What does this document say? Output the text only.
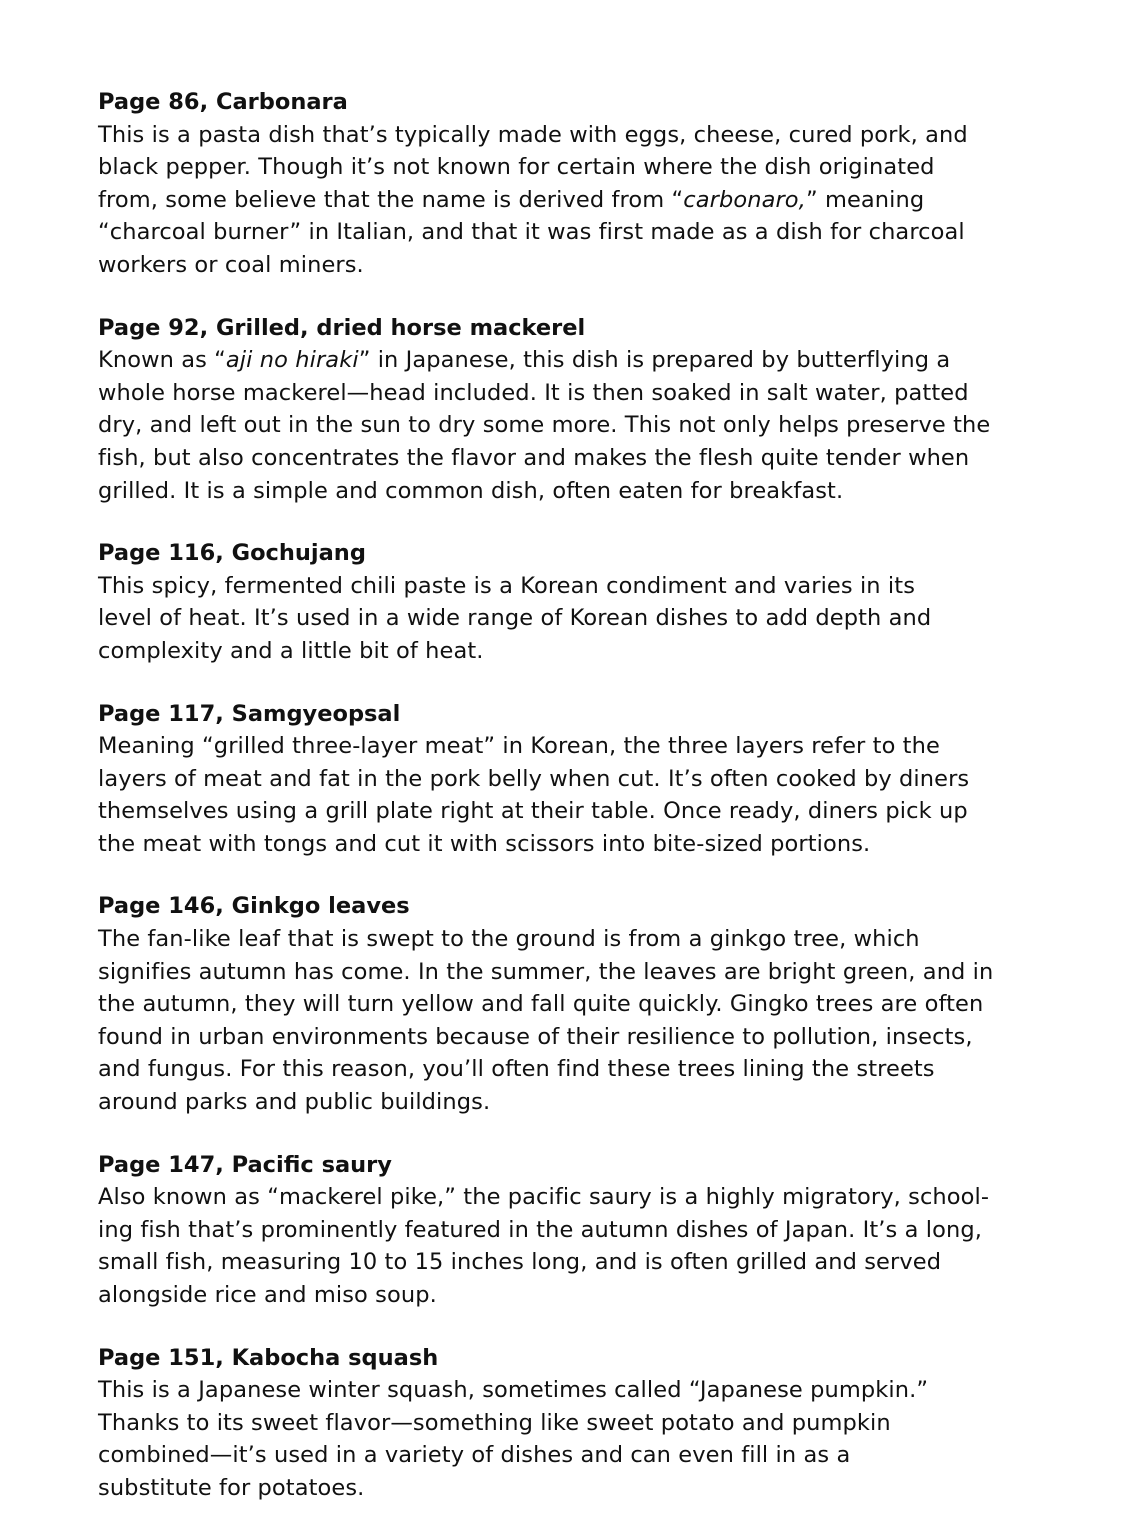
Page 86, Carbonara
This is a pasta dish that’s typically made with eggs, cheese, cured pork, and
black pepper. Though it’s not known for certain where the dish originated
from, some believe that the name is derived from “carbonaro,” meaning
“charcoal burner” in Italian, and that it was first made as a dish for charcoal
workers or coal miners.
Page 92, Grilled, dried horse mackerel
Known as “aji no hiraki” in Japanese, this dish is prepared by butterflying a
whole horse mackerel—head included. It is then soaked in salt water, patted
dry, and left out in the sun to dry some more. This not only helps preserve the
fish, but also concentrates the flavor and makes the flesh quite tender when
grilled. It is a simple and common dish, often eaten for breakfast.
Page 116, Gochujang
This spicy, fermented chili paste is a Korean condiment and varies in its
level of heat. It’s used in a wide range of Korean dishes to add depth and
complexity and a little bit of heat.
Page 117, Samgyeopsal
Meaning “grilled three-layer meat” in Korean, the three layers refer to the
layers of meat and fat in the pork belly when cut. It’s often cooked by diners
themselves using a grill plate right at their table. Once ready, diners pick up
the meat with tongs and cut it with scissors into bite-sized portions.
Page 146, Ginkgo leaves
The fan-like leaf that is swept to the ground is from a ginkgo tree, which
signifies autumn has come. In the summer, the leaves are bright green, and in
the autumn, they will turn yellow and fall quite quickly. Gingko trees are often
found in urban environments because of their resilience to pollution, insects,
and fungus. For this reason, you’ll often find these trees lining the streets
around parks and public buildings.
Page 147, Pacific saury
Also known as “mackerel pike,” the pacific saury is a highly migratory, school-
ing fish that’s prominently featured in the autumn dishes of Japan. It’s a long,
small fish, measuring 10 to 15 inches long, and is often grilled and served
alongside rice and miso soup.
Page 151, Kabocha squash
This is a Japanese winter squash, sometimes called “Japanese pumpkin.”
Thanks to its sweet flavor—something like sweet potato and pumpkin
combined—it’s used in a variety of dishes and can even fill in as a
substitute for potatoes.
